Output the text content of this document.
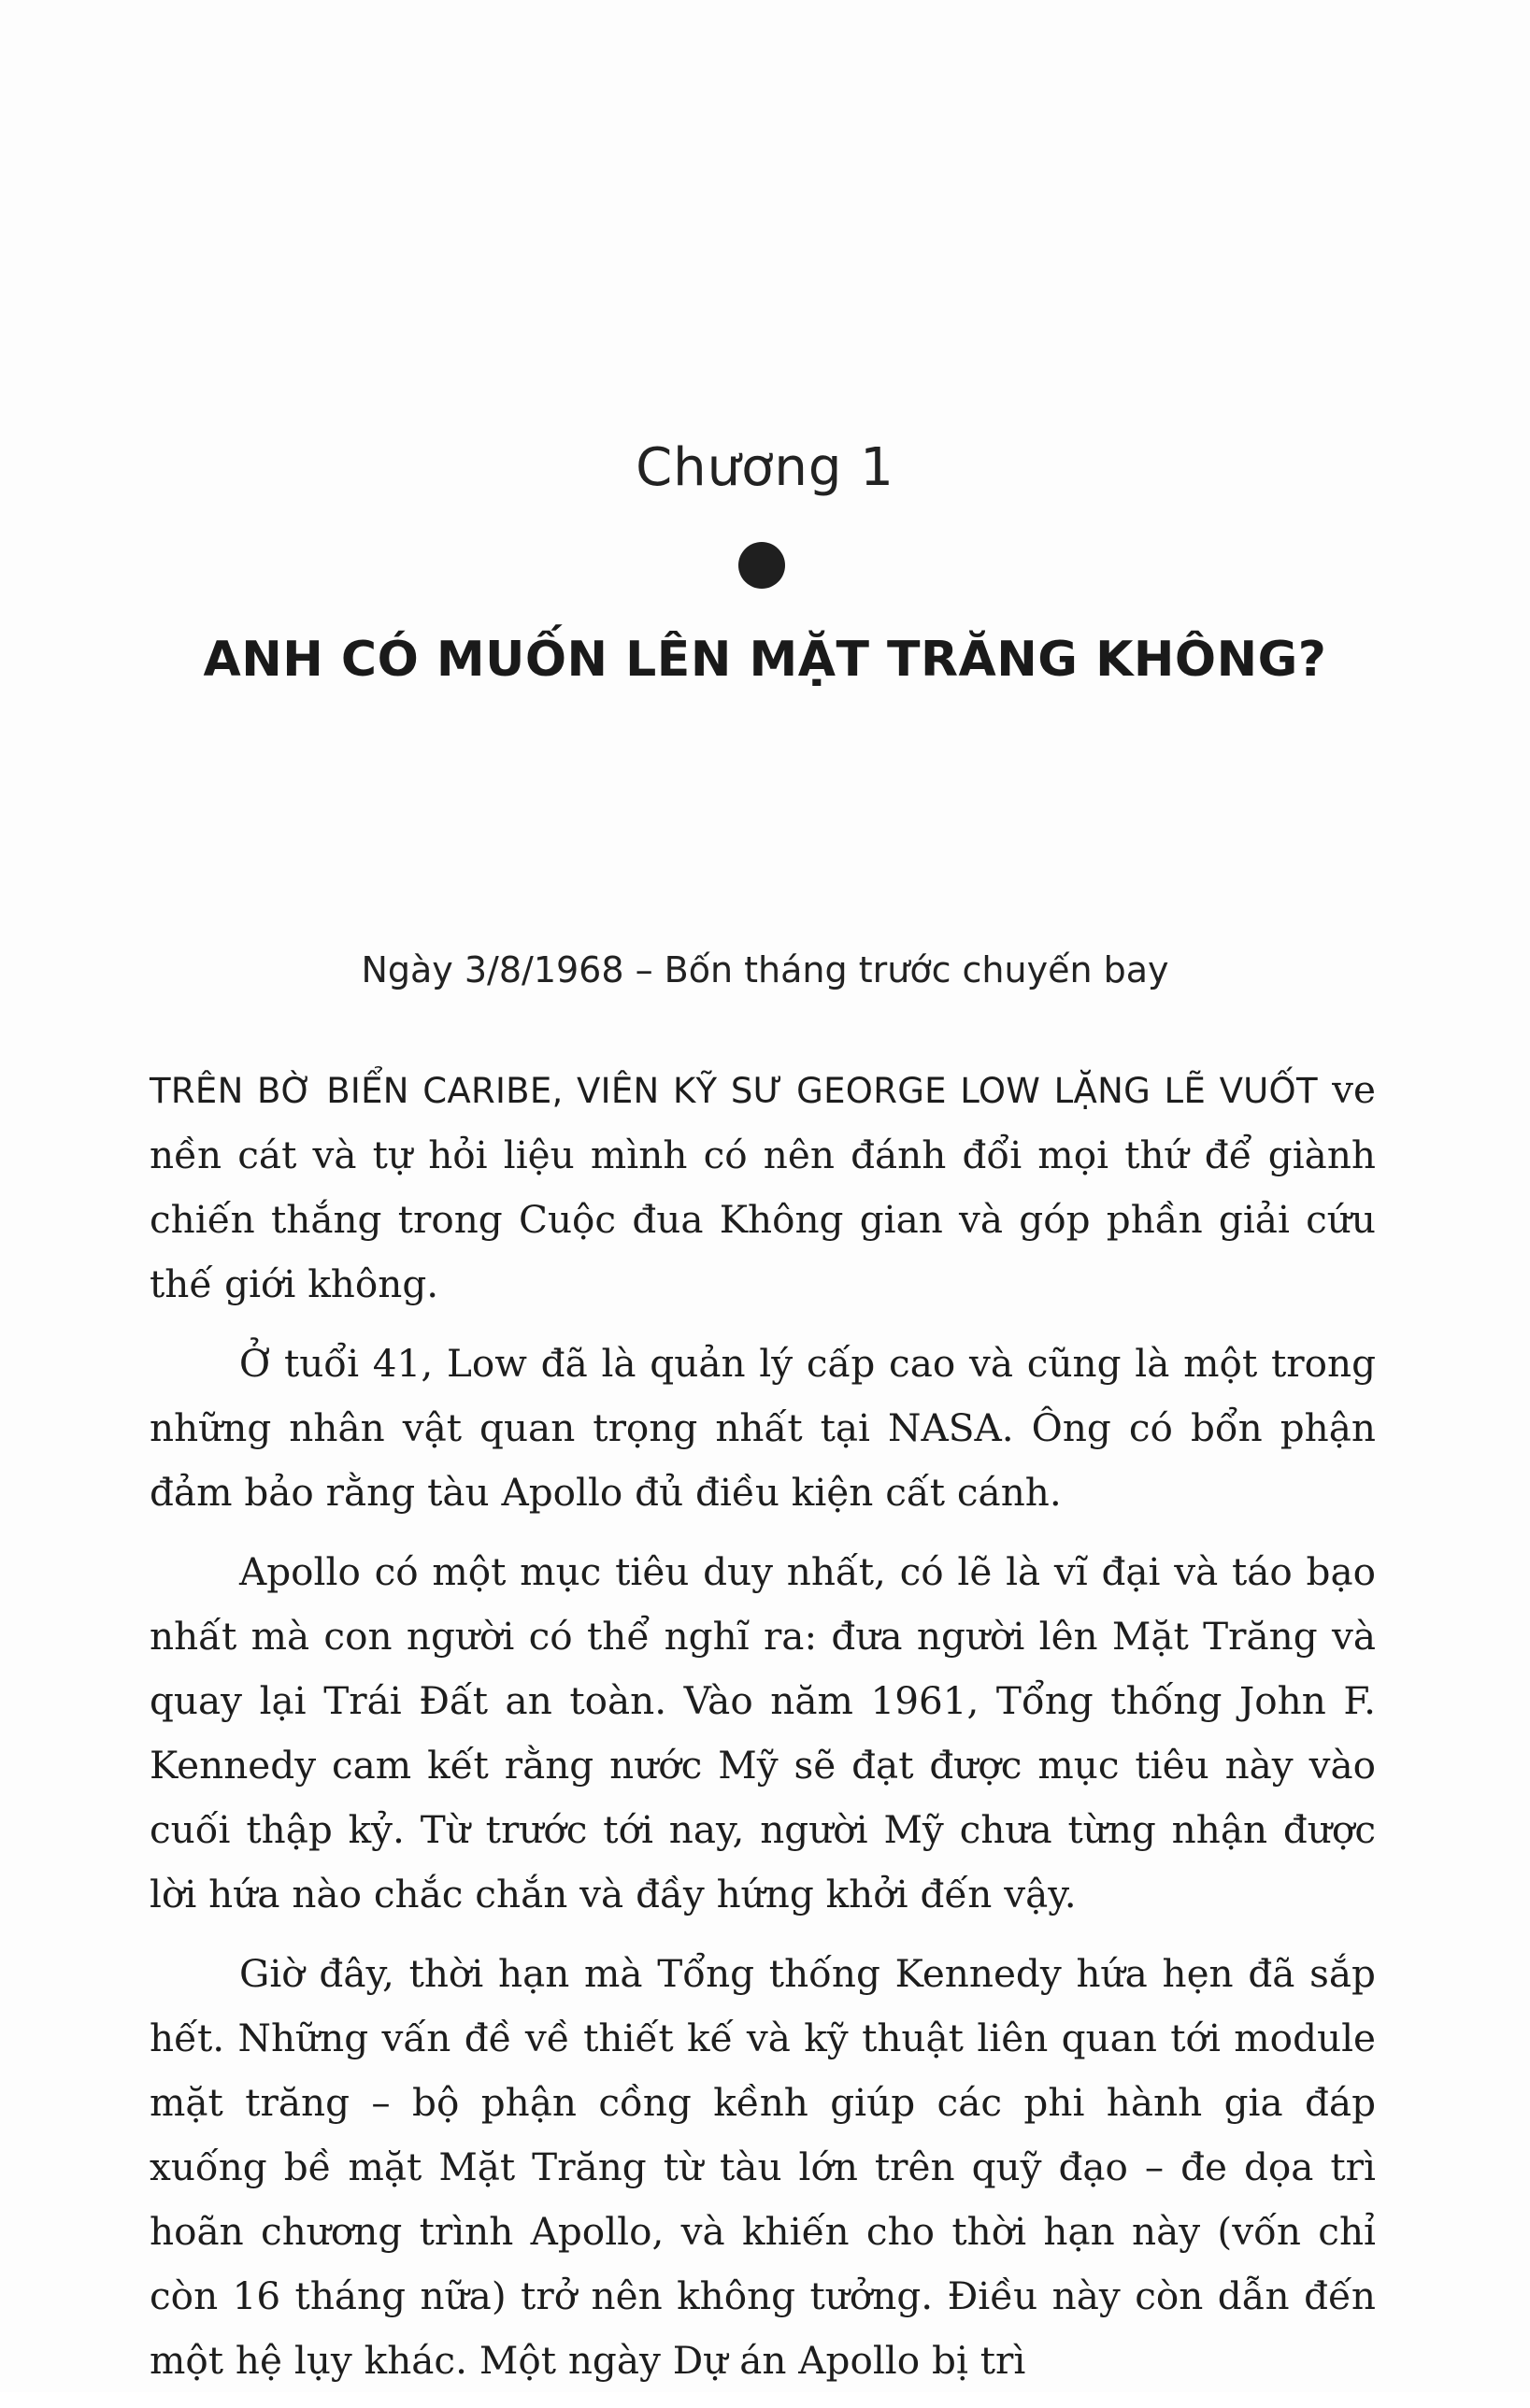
Chương 1
ANH CÓ MUỐN LÊN MẶT TRĂNG KHÔNG?
Ngày 3/8/1968 – Bốn tháng trước chuyến bay

TRÊN BỜ BIỂN CARIBE, VIÊN KỸ SƯ GEORGE LOW LẶNG LẼ VUỐT ve nền cát và tự hỏi liệu mình có nên đánh đổi mọi thứ để giành chiến thắng trong Cuộc đua Không gian và góp phần giải cứu thế giới không.

Ở tuổi 41, Low đã là quản lý cấp cao và cũng là một trong những nhân vật quan trọng nhất tại NASA. Ông có bổn phận đảm bảo rằng tàu Apollo đủ điều kiện cất cánh.

Apollo có một mục tiêu duy nhất, có lẽ là vĩ đại và táo bạo nhất mà con người có thể nghĩ ra: đưa người lên Mặt Trăng và quay lại Trái Đất an toàn. Vào năm 1961, Tổng thống John F. Kennedy cam kết rằng nước Mỹ sẽ đạt được mục tiêu này vào cuối thập kỷ. Từ trước tới nay, người Mỹ chưa từng nhận được lời hứa nào chắc chắn và đầy hứng khởi đến vậy.

Giờ đây, thời hạn mà Tổng thống Kennedy hứa hẹn đã sắp hết. Những vấn đề về thiết kế và kỹ thuật liên quan tới module mặt trăng – bộ phận cồng kềnh giúp các phi hành gia đáp xuống bề mặt Mặt Trăng từ tàu lớn trên quỹ đạo – đe dọa trì hoãn chương trình Apollo, và khiến cho thời hạn này (vốn chỉ còn 16 tháng nữa) trở nên không tưởng. Điều này còn dẫn đến một hệ lụy khác. Một ngày Dự án Apollo bị trì
